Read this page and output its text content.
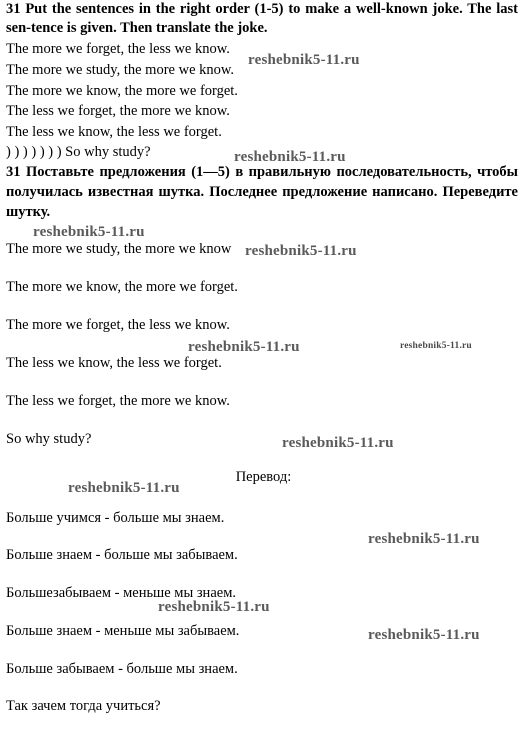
31 Put the sentences in the right order (1-5) to make a well-known joke. The last sen-tence is given. Then translate the joke.
The more we forget, the less we know.
The more we study, the more we know.
The more we know, the more we forget.
The less we forget, the more we know.
The less we know, the less we forget.
) ) ) ) ) ) ) So why study?
31 Поставьте предложения (1—5) в правильную последовательность, чтобы получилась известная шутка. Последнее предложение написано. Переведите шутку.
The more we study, the more we know
The more we know, the more we forget.
The more we forget, the less we know.
The less we know, the less we forget.
The less we forget, the more we know.
So why study?
Перевод:
Больше учимся - больше мы знаем.
Больше знаем - больше мы забываем.
Большезабываем - меньше мы знаем.
Больше знаем - меньше мы забываем.
Больше забываем - больше мы знаем.
Так зачем тогда учиться?
reshebnik5-11.ru
reshebnik5-11.ru
reshebnik5-11.ru
reshebnik5-11.ru
reshebnik5-11.ru	reshebnik5-11.ru
reshebnik5-11.ru
reshebnik5-11.ru
reshebnik5-11.ru
reshebnik5-11.ru
reshebnik5-11.ru
